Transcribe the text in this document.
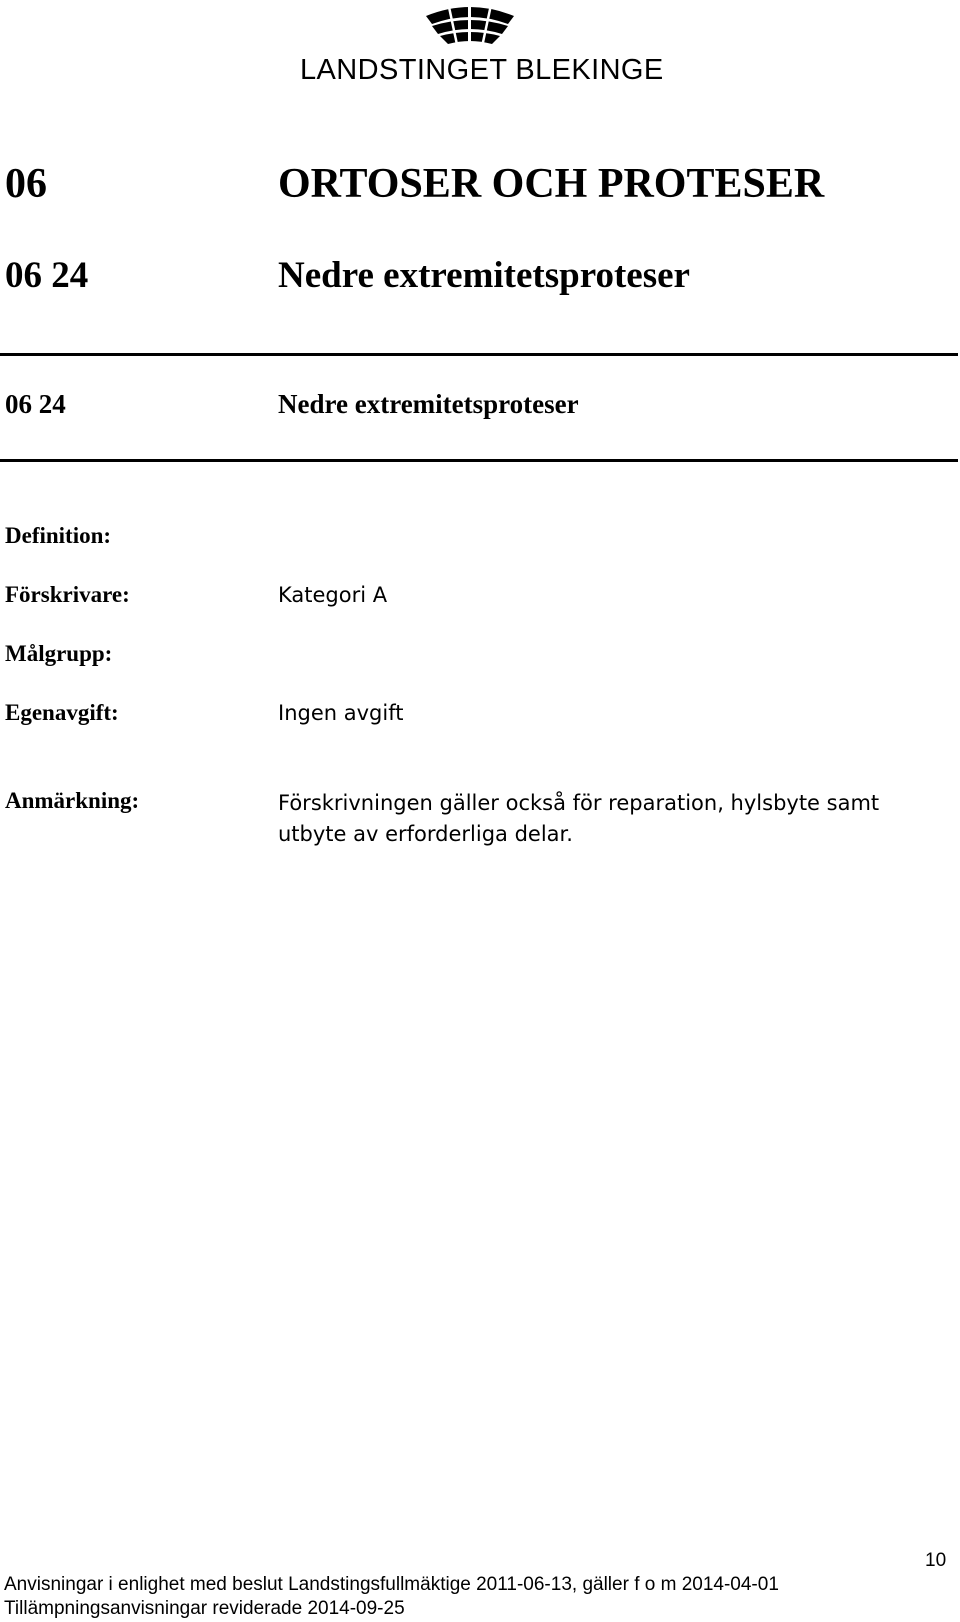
LANDSTINGET BLEKINGE
06	ORTOSER OCH PROTESER
06 24	Nedre extremitetsproteser
06 24	Nedre extremitetsproteser
Definition:
Förskrivare:	Kategori A
Målgrupp:
Egenavgift:	Ingen avgift
Anmärkning:	Förskrivningen gäller också för reparation, hylsbyte samt utbyte av erforderliga delar.
10
Anvisningar i enlighet med beslut Landstingsfullmäktige 2011-06-13, gäller f o m 2014-04-01
Tillämpningsanvisningar reviderade 2014-09-25
